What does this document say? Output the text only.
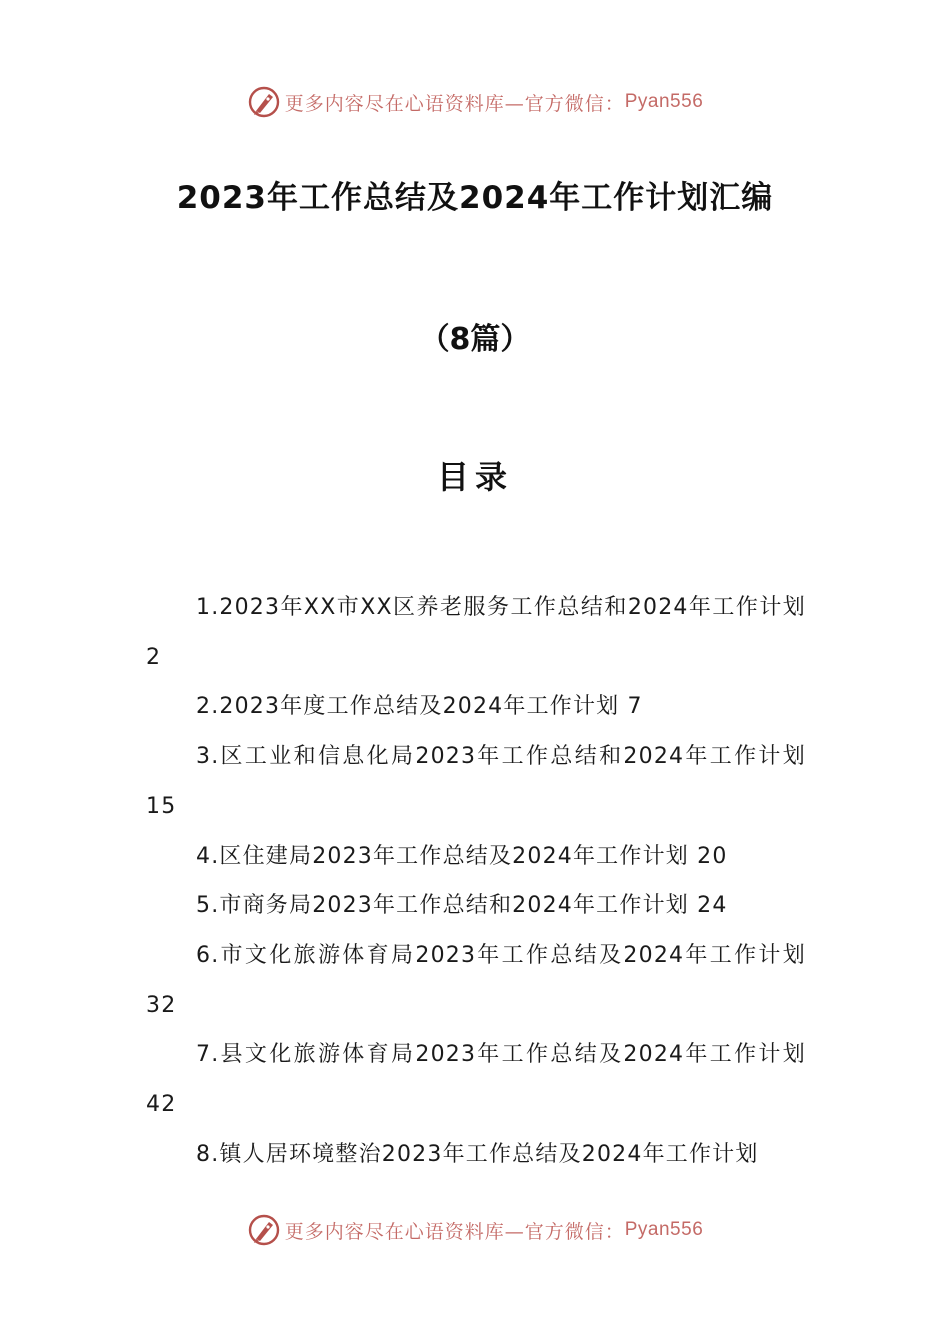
更多内容尽在心语资料库—官方微信： Pyan556
2023年工作总结及2024年工作计划汇编
（8篇）
目录
1.2023年XX市XX区养老服务工作总结和2024年工作计划 2
2.2023年度工作总结及2024年工作计划 7
3.区工业和信息化局2023年工作总结和2024年工作计划 15
4.区住建局2023年工作总结及2024年工作计划 20
5.市商务局2023年工作总结和2024年工作计划 24
6.市文化旅游体育局2023年工作总结及2024年工作计划 32
7.县文化旅游体育局2023年工作总结及2024年工作计划 42
8.镇人居环境整治2023年工作总结及2024年工作计划
更多内容尽在心语资料库—官方微信： Pyan556
